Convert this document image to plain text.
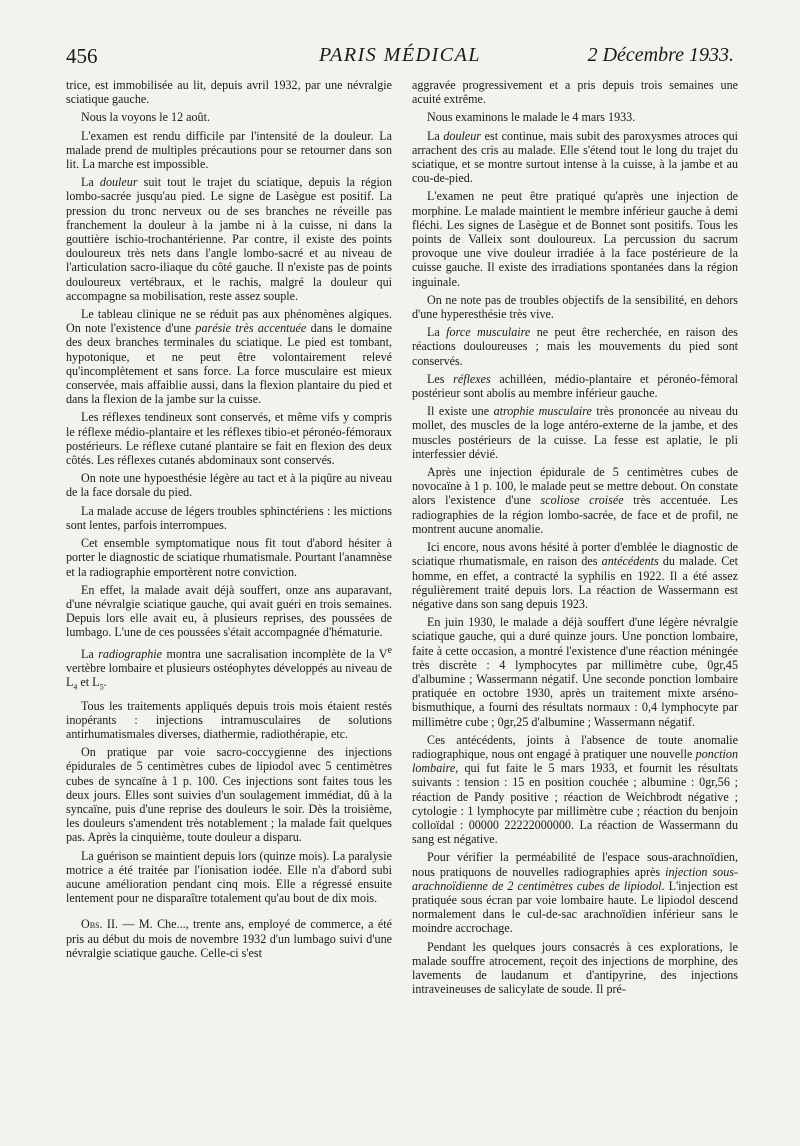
456	PARIS MÉDICAL	2 Décembre 1933.

trice, est immobilisée au lit, depuis avril 1932, par une névralgie sciatique gauche.

Nous la voyons le 12 août.

L'examen est rendu difficile par l'intensité de la douleur. La malade prend de multiples précautions pour se retourner dans son lit. La marche est impossible.

La douleur suit tout le trajet du sciatique, depuis la région lombo-sacrée jusqu'au pied. Le signe de Lasègue est positif. La pression du tronc nerveux ou de ses branches ne réveille pas franchement la douleur à la jambe ni à la cuisse, ni dans la gouttière ischio-trochantérienne. Par contre, il existe des points douloureux très nets dans l'angle lombo-sacré et au niveau de l'articulation sacro-iliaque du côté gauche. Il n'existe pas de points douloureux vertébraux, et le rachis, malgré la douleur qui accompagne sa mobilisation, reste assez souple.

Le tableau clinique ne se réduit pas aux phénomènes algiques. On note l'existence d'une parésie très accentuée dans le domaine des deux branches terminales du sciatique. Le pied est tombant, hypotonique, et ne peut être volontairement relevé qu'incomplètement et sans force. La force musculaire est mieux conservée, mais affaiblie aussi, dans la flexion plantaire du pied et dans la flexion de la jambe sur la cuisse.

Les réflexes tendineux sont conservés, et même vifs y compris le réflexe médio-plantaire et les réflexes tibio-et péronéo-fémoraux postérieurs. Le réflexe cutané plantaire se fait en flexion des deux côtés. Les réflexes cutanés abdominaux sont conservés.

On note une hypoesthésie légère au tact et à la piqûre au niveau de la face dorsale du pied.

La malade accuse de légers troubles sphinctériens : les mictions sont lentes, parfois interrompues.

Cet ensemble symptomatique nous fit tout d'abord hésiter à porter le diagnostic de sciatique rhumatismale. Pourtant l'anamnèse et la radiographie emportèrent notre conviction.

En effet, la malade avait déjà souffert, onze ans auparavant, d'une névralgie sciatique gauche, qui avait guéri en trois semaines. Depuis lors elle avait eu, à plusieurs reprises, des poussées de lumbago. L'une de ces poussées s'était accompagnée d'hématurie.

La radiographie montra une sacralisation incomplète de la Ve vertèbre lombaire et plusieurs ostéophytes développés au niveau de $L_4$ et $L_5$.

Tous les traitements appliqués depuis trois mois étaient restés inopérants : injections intramusculaires de solutions antirhumatismales diverses, diathermie, radiothérapie, etc.

On pratique par voie sacro-coccygienne des injections épidurales de 5 centimètres cubes de lipiodol avec 5 centimètres cubes de syncaïne à 1 p. 100. Ces injections sont faites tous les deux jours. Elles sont suivies d'un soulagement immédiat, dû à la syncaïne, puis d'une reprise des douleurs le soir. Dès la troisième, les douleurs s'amendent très notablement ; la malade fait quelques pas. Après la cinquième, toute douleur a disparu.

La guérison se maintient depuis lors (quinze mois). La paralysie motrice a été traitée par l'ionisation iodée. Elle n'a d'abord subi aucune amélioration pendant cinq mois. Elle a régressé ensuite lentement pour ne disparaître totalement qu'au bout de dix mois.

Obs. II. — M. Che..., trente ans, employé de commerce, a été pris au début du mois de novembre 1932 d'un lumbago suivi d'une névralgie sciatique gauche. Celle-ci s'est

aggravée progressivement et a pris depuis trois semaines une acuité extrême.

Nous examinons le malade le 4 mars 1933.

La douleur est continue, mais subit des paroxysmes atroces qui arrachent des cris au malade. Elle s'étend tout le long du trajet du sciatique, et se montre surtout intense à la cuisse, à la jambe et au cou-de-pied.

L'examen ne peut être pratiqué qu'après une injection de morphine. Le malade maintient le membre inférieur gauche à demi fléchi. Les signes de Lasègue et de Bonnet sont positifs. Tous les points de Valleix sont douloureux. La percussion du sacrum provoque une vive douleur irradiée à la face postérieure de la cuisse gauche. Il existe des irradiations spontanées dans la région inguinale.

On ne note pas de troubles objectifs de la sensibilité, en dehors d'une hyperesthésie très vive.

La force musculaire ne peut être recherchée, en raison des réactions douloureuses ; mais les mouvements du pied sont conservés.

Les réflexes achilléen, médio-plantaire et péronéo-fémoral postérieur sont abolis au membre inférieur gauche.

Il existe une atrophie musculaire très prononcée au niveau du mollet, des muscles de la loge antéro-externe de la jambe, et des muscles postérieurs de la cuisse. La fesse est aplatie, le pli interfessier dévié.

Après une injection épidurale de 5 centimètres cubes de novocaïne à 1 p. 100, le malade peut se mettre debout. On constate alors l'existence d'une scoliose croisée très accentuée. Les radiographies de la région lombo-sacrée, de face et de profil, ne montrent aucune anomalie.

Ici encore, nous avons hésité à porter d'emblée le diagnostic de sciatique rhumatismale, en raison des antécédents du malade. Cet homme, en effet, a contracté la syphilis en 1922. Il a été assez régulièrement traité depuis lors. La réaction de Wassermann est négative dans son sang depuis 1923.

En juin 1930, le malade a déjà souffert d'une légère névralgie sciatique gauche, qui a duré quinze jours. Une ponction lombaire, faite à cette occasion, a montré l'existence d'une réaction méningée très discrète : 4 lymphocytes par millimètre cube, 0gr,45 d'albumine ; Wassermann négatif. Une seconde ponction lombaire pratiquée en octobre 1930, après un traitement mixte arséno-bismuthique, a fourni des résultats normaux : 0,4 lymphocyte par millimètre cube ; 0gr,25 d'albumine ; Wassermann négatif.

Ces antécédents, joints à l'absence de toute anomalie radiographique, nous ont engagé à pratiquer une nouvelle ponction lombaire, qui fut faite le 5 mars 1933, et fournit les résultats suivants : tension : 15 en position couchée ; albumine : 0gr,56 ; réaction de Pandy positive ; réaction de Weichbrodt négative ; cytologie : 1 lymphocyte par millimètre cube ; réaction du benjoin colloïdal : 00000 22222000000. La réaction de Wassermann du sang est négative.

Pour vérifier la perméabilité de l'espace sous-arachnoïdien, nous pratiquons de nouvelles radiographies après injection sous-arachnoïdienne de 2 centimètres cubes de lipiodol. L'injection est pratiquée sous écran par voie lombaire haute. Le lipiodol descend normalement dans le cul-de-sac arachnoïdien inférieur sans le moindre accrochage.

Pendant les quelques jours consacrés à ces explorations, le malade souffre atrocement, reçoit des injections de morphine, des lavements de laudanum et d'antipyrine, des injections intraveineuses de salicylate de soude. Il pré-
